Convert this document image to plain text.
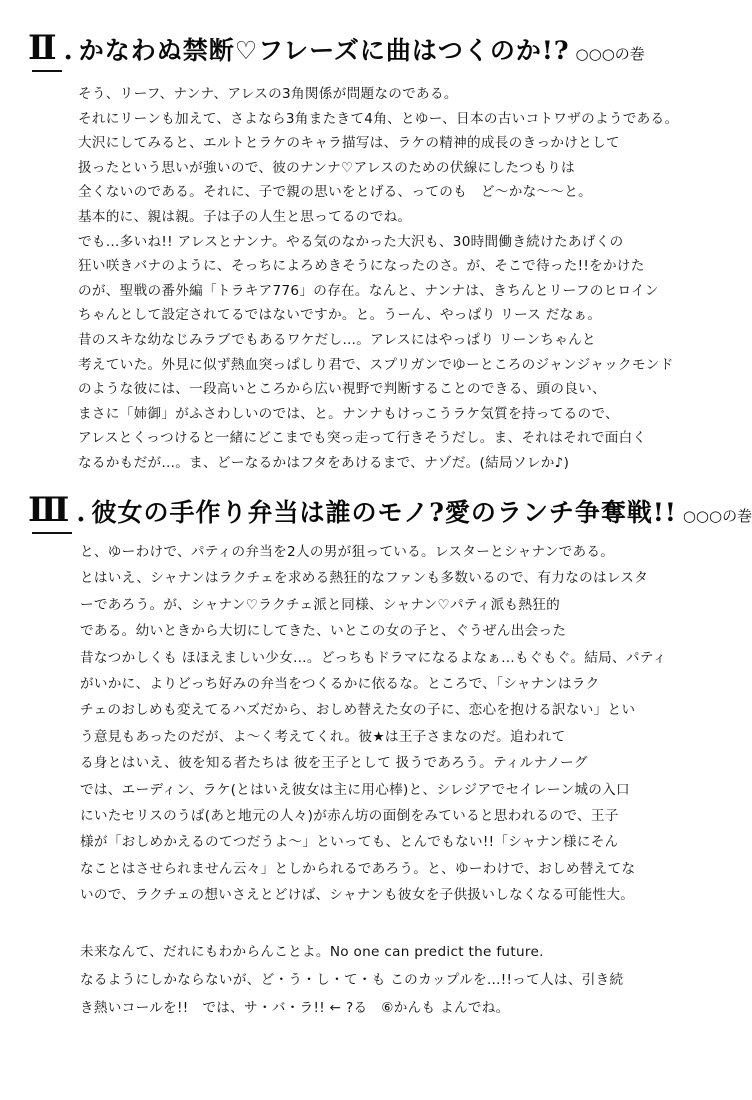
Ⅱ . かなわぬ禁断♡フレーズに曲はつくのか!? ○○○の巻
そう、リーフ、ナンナ、アレスの3角関係が問題なのである。
それにリーンも加えて、さよなら3角またきて4角、とゆー、日本の古いコトワザのようである。
大沢にしてみると、エルトとラケのキャラ描写は、ラケの精神的成長のきっかけとして
扱ったという思いが強いので、彼のナンナ♡アレスのための伏線にしたつもりは
全くないのである。それに、子で親の思いをとげる、ってのも　ど〜かな〜〜と。
基本的に、親は親。子は子の人生と思ってるのでね。
でも…多いね!! アレスとナンナ。やる気のなかった大沢も、30時間働き続けたあげくの
狂い咲きバナのように、そっちによろめきそうになったのさ。が、そこで待った!!をかけた
のが、聖戦の番外編「トラキア776」の存在。なんと、ナンナは、きちんとリーフのヒロイン
ちゃんとして設定されてるではないですか。と。うーん、やっぱり リース だなぁ。
昔のスキな幼なじみラブでもあるワケだし…。アレスにはやっぱり リーンちゃんと
考えていた。外見に似ず熱血突っぱしり君で、スプリガンでゆーところのジャンジャックモンド
のような彼には、一段高いところから広い視野で判断することのできる、頭の良い、
まさに「姉御」がふさわしいのでは、と。ナンナもけっこうラケ気質を持ってるので、
アレスとくっつけると一緒にどこまでも突っ走って行きそうだし。ま、それはそれで面白く
なるかもだが…。ま、どーなるかはフタをあけるまで、ナゾだ。(結局ソレか♪)
Ⅲ . 彼女の手作り弁当は誰のモノ?愛のランチ争奪戦!! ○○○の巻
と、ゆーわけで、パティの弁当を2人の男が狙っている。レスターとシャナンである。
とはいえ、シャナンはラクチェを求める熱狂的なファンも多数いるので、有力なのはレスタ
ーであろう。が、シャナン♡ラクチェ派と同様、シャナン♡パティ派も熱狂的
である。幼いときから大切にしてきた、いとこの女の子と、ぐうぜん出会った
昔なつかしくも ほほえましい少女…。どっちもドラマになるよなぁ…もぐもぐ。結局、パティ
がいかに、よりどっち好みの弁当をつくるかに依るな。ところで、「シャナンはラク
チェのおしめも変えてるハズだから、おしめ替えた女の子に、恋心を抱ける訳ない」とい
う意見もあったのだが、よ〜く考えてくれ。彼★は王子さまなのだ。追われて
る身とはいえ、彼を知る者たちは 彼を王子として 扱うであろう。ティルナノーグ
では、エーディン、ラケ(とはいえ彼女は主に用心棒)と、シレジアでセイレーン城の入口
にいたセリスのうば(あと地元の人々)が赤ん坊の面倒をみていると思われるので、王子
様が「おしめかえるのてつだうよ〜」といっても、とんでもない!!「シャナン様にそん
なことはさせられません云々」としかられるであろう。と、ゆーわけで、おしめ替えてな
いので、ラクチェの想いさえとどけば、シャナンも彼女を子供扱いしなくなる可能性大。
未来なんて、だれにもわからんことよ。No one can predict the future.
なるようにしかならないが、ど・う・し・て・も このカップルを…!!って人は、引き続
き熱いコールを!!　では、サ・バ・ラ!! ← ?る　⑥かんも よんでね。
